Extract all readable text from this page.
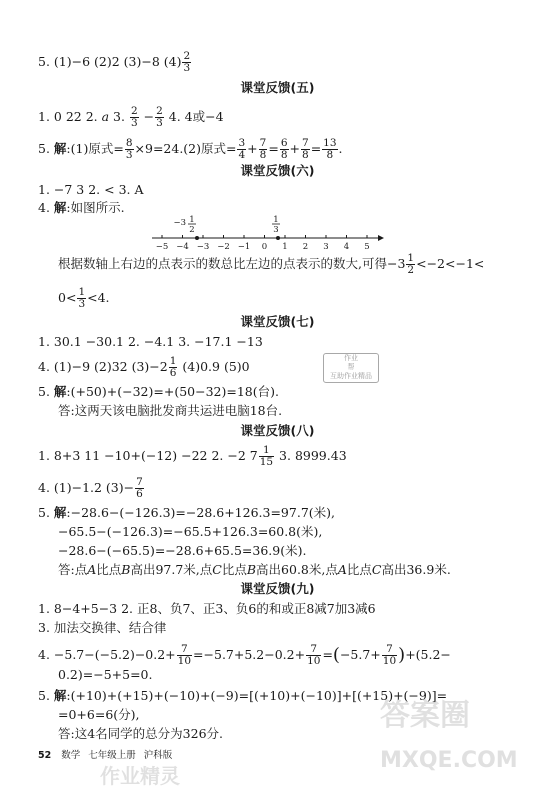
5. (1)−6 (2)2 (3)−8 $(4) \frac{2}{3}$
课堂反馈(五)
1. 0 22 2. a 3. $\frac{2}{3} - \frac{2}{3} 4$. 4或−4
5. 解:(1)原式= $\frac{8}{3} \times 9=24.(2)$原式= $\frac{3}{4} + \frac{7}{8} = \frac{6}{8} + \frac{7}{8} = \frac{13}{8}$ .
课堂反馈(六)
1. −7 3 2. < 3. A
4. 解:如图所示.
−5 −4 −3 −2 −1 0 1 2 3 4 5
−3 1
2
1
3
根据数轴上右边的点表示的数总比左边的点表示的数大,可得$-3 \frac{1}{2} <-2<-1<$
$0< \frac{1}{3} <4$.
课堂反馈(七)
1. 30.1 −30.1 2. −4.1 3. −17.1 −13
4. (1)−9 (2)32 $(3)-2 \frac{1}{6} (4)0.9$ (5)0
5. 解:(+50)+(−32)=+(50−32)=18(台).
答:这两天该电脑批发商共运进电脑18台.
课堂反馈(八)
1. 8+3 11 −10+(−12) −22 2. −2 $7 \frac{1}{15} 3$. 8999.43
4. (1)−1.2 $(3)- \frac{7}{6}$
5. 解:−28.6−(−126.3)=−28.6+126.3=97.7(米),
−65.5−(−126.3)=−65.5+126.3=60.8(米),
−28.6−(−65.5)=−28.6+65.5=36.9(米).
答:点A比点B高出97.7米,点C比点B高出60.8米,点A比点C高出36.9米.
课堂反馈(九)
1. 8−4+5−3 2. 正8、负7、正3、负6的和或正8减7加3减6
3. 加法交换律、结合律
4. $-5.7-(-5.2)-0.2+ \frac{7}{10} =-5.7+5.2-0.2+ \frac{7}{10} =(-5.7+ \frac{7}{10} )+(5.2-$
0.2)=−5+5=0.
5. 解:(+10)+(+15)+(−10)+(−9)=[(+10)+(−10)]+[(+15)+(−9)]=
=0+6=6(分),
答:这4名同学的总分为326分.
52 数学 七年级上册 沪科版
作业
帮
互助作业精品
答案圈
MXQE.COM
作业精灵
